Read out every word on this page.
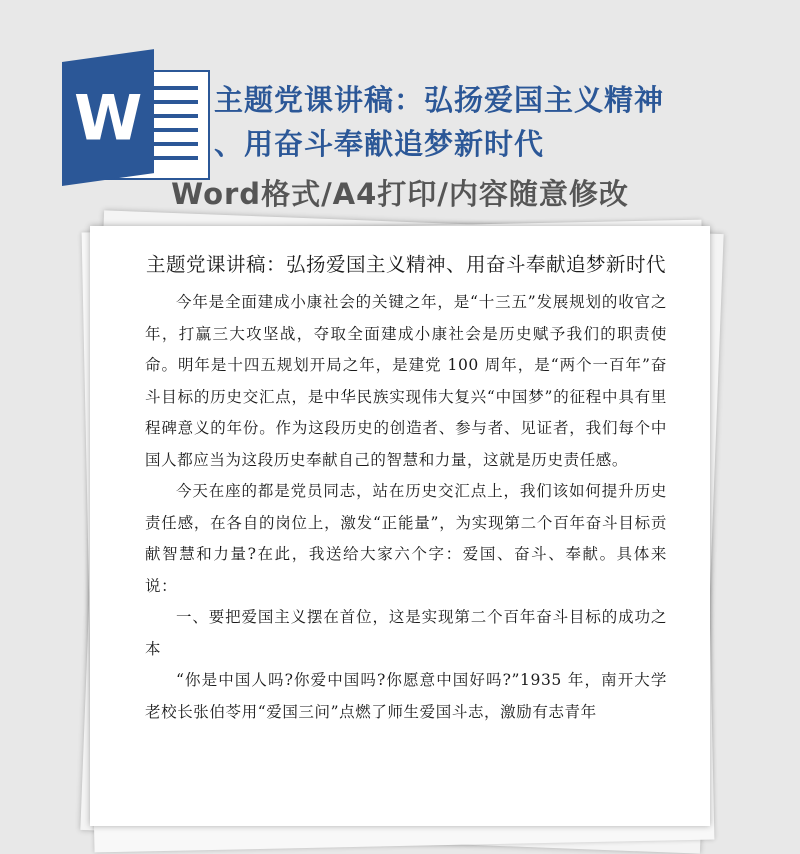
W 主题党课讲稿：弘扬爱国主义精神
、用奋斗奉献追梦新时代
Word格式/A4打印/内容随意修改
主题党课讲稿：弘扬爱国主义精神、用奋斗奉献追梦新时代

今年是全面建成小康社会的关键之年，是“十三五”发展规划的收官之年，打赢三大攻坚战，夺取全面建成小康社会是历史赋予我们的职责使命。明年是十四五规划开局之年，是建党 100 周年，是“两个一百年”奋斗目标的历史交汇点，是中华民族实现伟大复兴“中国梦”的征程中具有里程碑意义的年份。作为这段历史的创造者、参与者、见证者，我们每个中国人都应当为这段历史奉献自己的智慧和力量，这就是历史责任感。

今天在座的都是党员同志，站在历史交汇点上，我们该如何提升历史责任感，在各自的岗位上，激发“正能量”，为实现第二个百年奋斗目标贡献智慧和力量?在此，我送给大家六个字：爱国、奋斗、奉献。具体来说：

一、要把爱国主义摆在首位，这是实现第二个百年奋斗目标的成功之本

“你是中国人吗?你爱中国吗?你愿意中国好吗?”1935 年，南开大学老校长张伯苓用“爱国三问”点燃了师生爱国斗志，激励有志青年
